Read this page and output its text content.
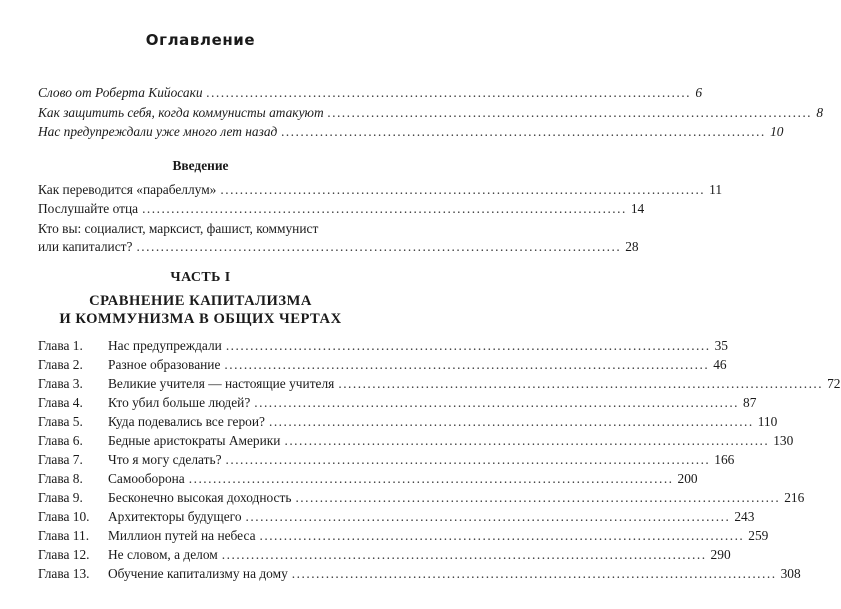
Оглавление
Слово от Роберта Кийосаки .................................................................................................... 6
Как защитить себя, когда коммунисты атакуют .................................................................................................... 8
Нас предупреждали уже много лет назад .................................................................................................... 10
Введение
Как переводится «парабеллум» .................................................................................................... 11
Послушайте отца .................................................................................................... 14
Кто вы: социалист, марксист, фашист, коммунист
или капиталист? .................................................................................................... 28
ЧАСТЬ I
СРАВНЕНИЕ КАПИТАЛИЗМА
И КОММУНИЗМА В ОБЩИХ ЧЕРТАХ
Глава 1.	Нас предупреждали .................................................................................................... 35
Глава 2.	Разное образование .................................................................................................... 46
Глава 3.	Великие учителя — настоящие учителя .................................................................................................... 72
Глава 4.	Кто убил больше людей? .................................................................................................... 87
Глава 5.	Куда подевались все герои? .................................................................................................... 110
Глава 6.	Бедные аристократы Америки .................................................................................................... 130
Глава 7.	Что я могу сделать? .................................................................................................... 166
Глава 8.	Самооборона .................................................................................................... 200
Глава 9.	Бесконечно высокая доходность .................................................................................................... 216
Глава 10.	Архитекторы будущего .................................................................................................... 243
Глава 11.	Миллион путей на небеса .................................................................................................... 259
Глава 12.	Не словом, а делом .................................................................................................... 290
Глава 13.	Обучение капитализму на дому .................................................................................................... 308
